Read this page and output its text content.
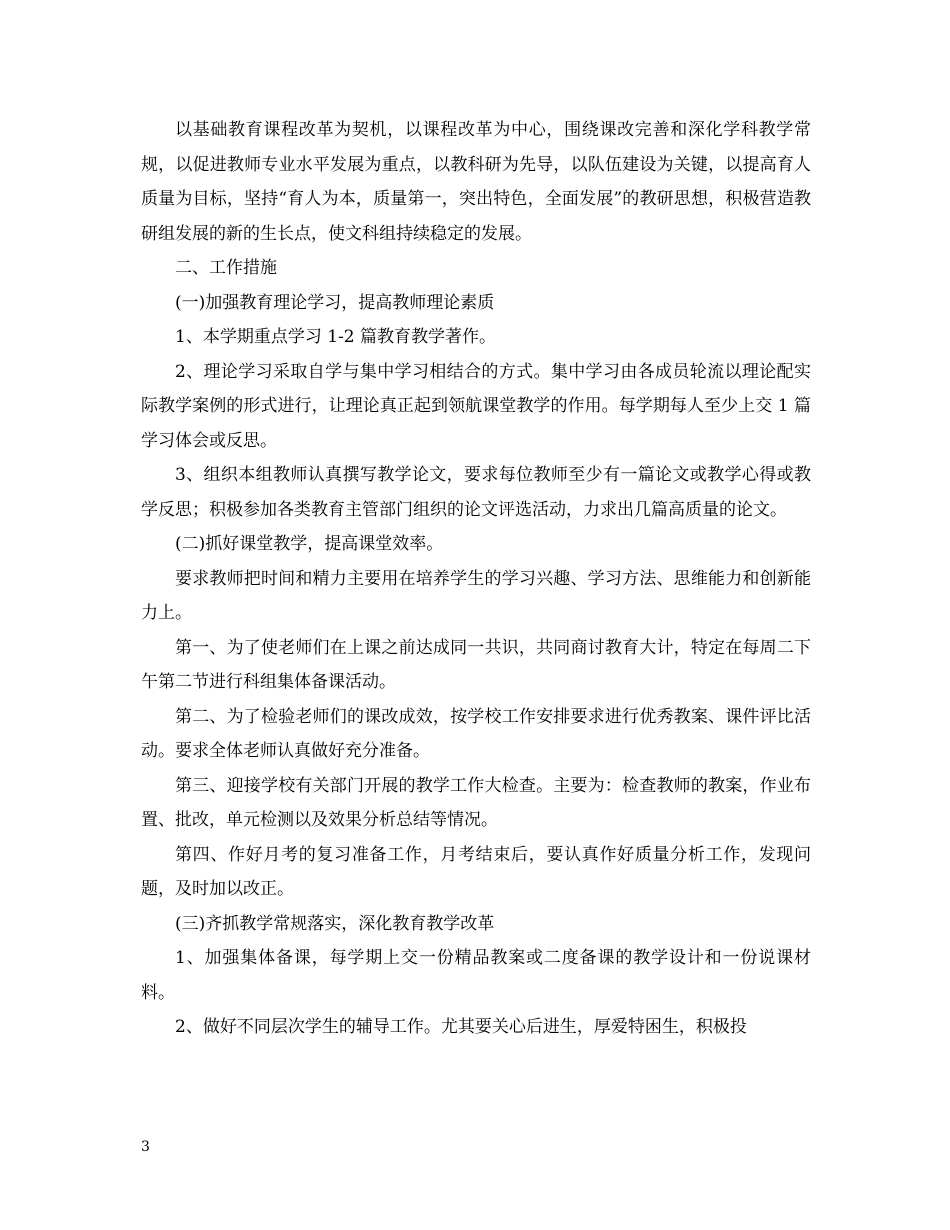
以基础教育课程改革为契机，以课程改革为中心，围绕课改完善和深化学科教学常规，以促进教师专业水平发展为重点，以教科研为先导，以队伍建设为关键，以提高育人质量为目标，坚持“育人为本，质量第一，突出特色，全面发展”的教研思想，积极营造教研组发展的新的生长点，使文科组持续稳定的发展。

二、工作措施

(一)加强教育理论学习，提高教师理论素质

1、本学期重点学习 1-2 篇教育教学著作。

2、理论学习采取自学与集中学习相结合的方式。集中学习由各成员轮流以理论配实际教学案例的形式进行，让理论真正起到领航课堂教学的作用。每学期每人至少上交 1 篇学习体会或反思。

3、组织本组教师认真撰写教学论文，要求每位教师至少有一篇论文或教学心得或教学反思；积极参加各类教育主管部门组织的论文评选活动，力求出几篇高质量的论文。

(二)抓好课堂教学，提高课堂效率。

要求教师把时间和精力主要用在培养学生的学习兴趣、学习方法、思维能力和创新能力上。

第一、为了使老师们在上课之前达成同一共识，共同商讨教育大计，特定在每周二下午第二节进行科组集体备课活动。

第二、为了检验老师们的课改成效，按学校工作安排要求进行优秀教案、课件评比活动。要求全体老师认真做好充分准备。

第三、迎接学校有关部门开展的教学工作大检查。主要为：检查教师的教案，作业布置、批改，单元检测以及效果分析总结等情况。

第四、作好月考的复习准备工作，月考结束后，要认真作好质量分析工作，发现问题，及时加以改正。

(三)齐抓教学常规落实，深化教育教学改革

1、加强集体备课，每学期上交一份精品教案或二度备课的教学设计和一份说课材料。

2、做好不同层次学生的辅导工作。尤其要关心后进生，厚爱特困生，积极投

3
